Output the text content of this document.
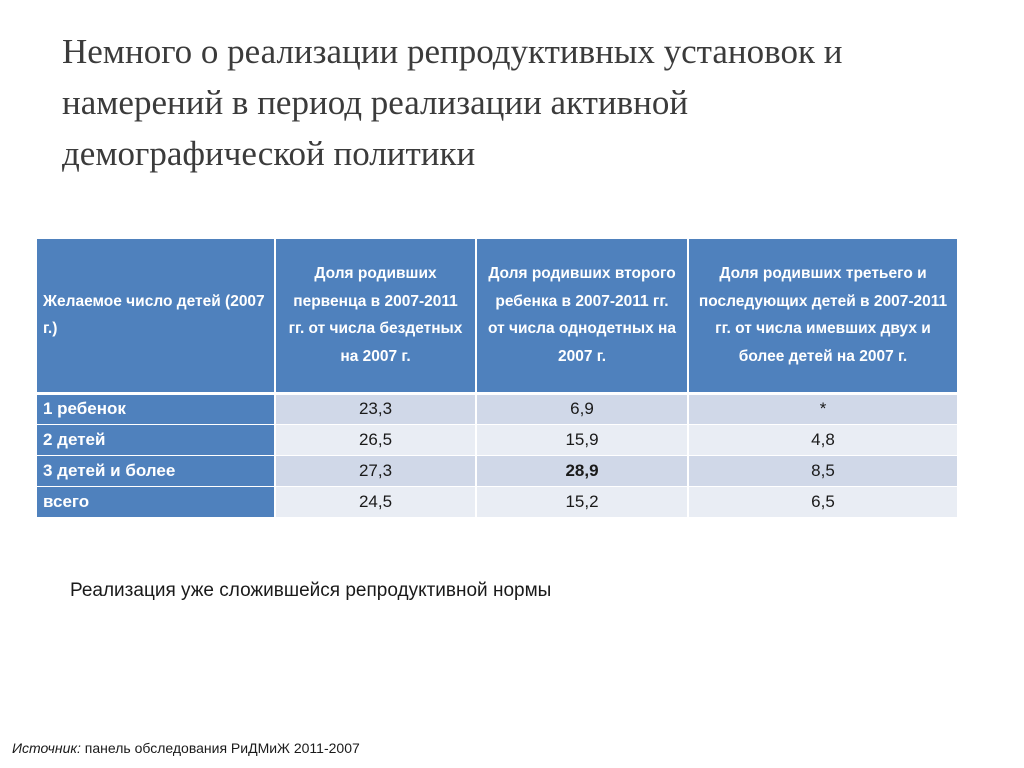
Немного о реализации репродуктивных установок и
намерений в период реализации активной
демографической политики
Желаемое число детей (2007 г.)	Доля родивших первенца в 2007-2011 гг. от числа бездетных на 2007 г.	Доля родивших второго ребенка в 2007-2011 гг. от числа однодетных на 2007 г.	Доля родивших третьего и последующих детей в 2007-2011 гг. от числа имевших двух и более детей на 2007 г.
1 ребенок	23,3	6,9	*
2 детей	26,5	15,9	4,8
3 детей и более	27,3	28,9	8,5
всего	24,5	15,2	6,5

Реализация уже сложившейся репродуктивной нормы

Источник: панель обследования РиДМиЖ 2011-2007
